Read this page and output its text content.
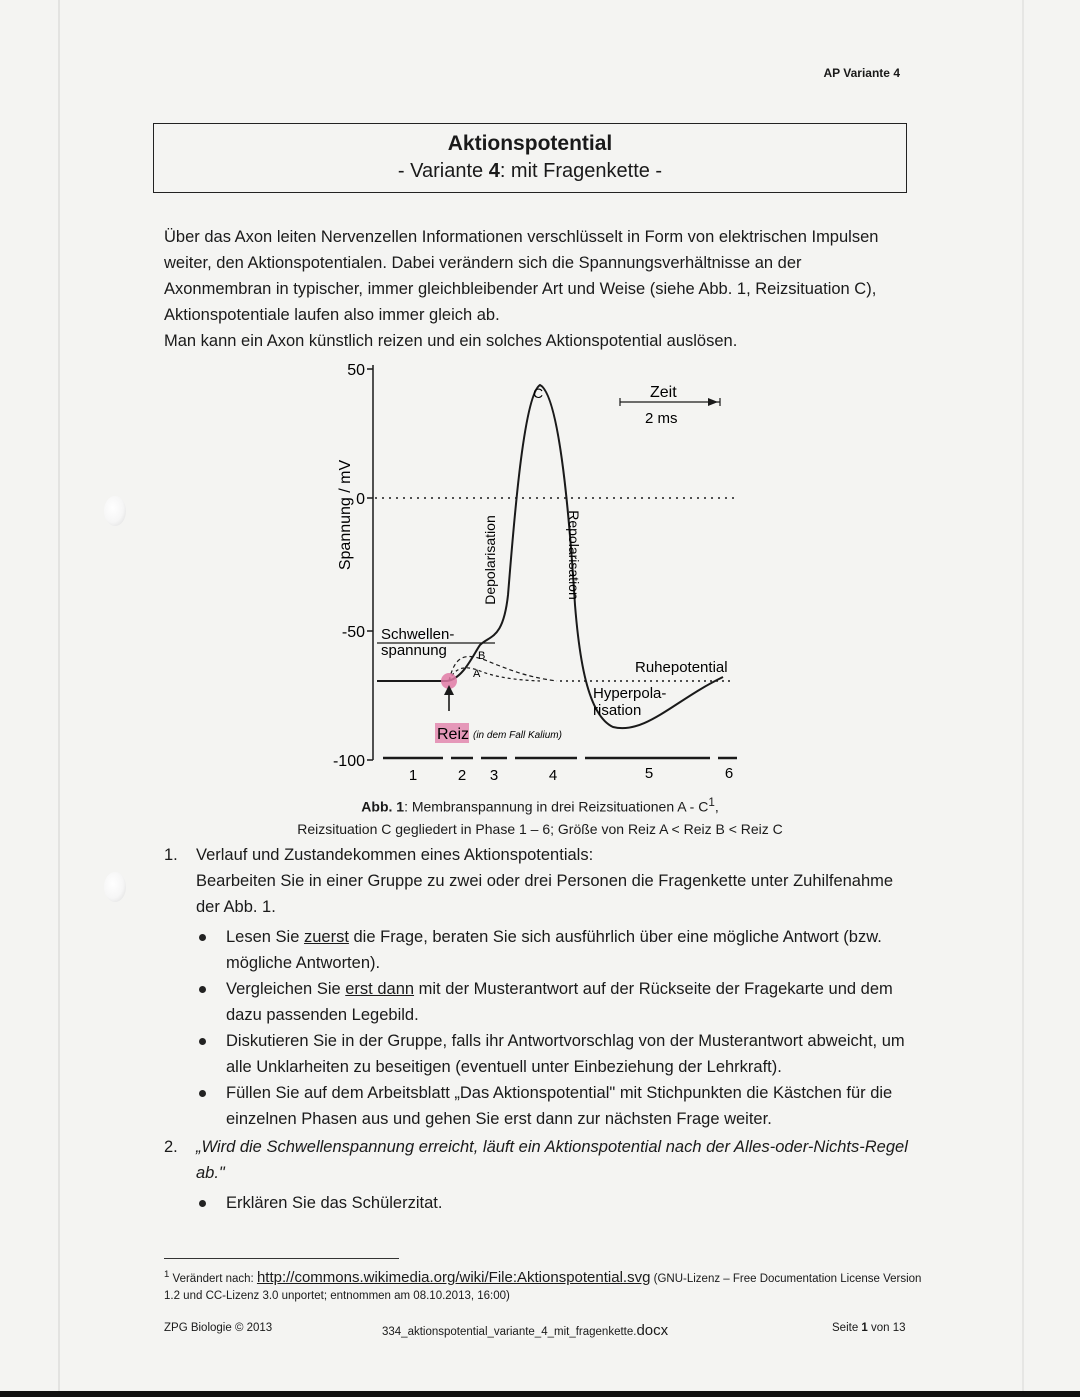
AP Variante 4
Aktionspotential
- Variante 4: mit Fragenkette -

Über das Axon leiten Nervenzellen Informationen verschlüsselt in Form von elektrischen Impulsen weiter, den Aktionspotentialen. Dabei verändern sich die Spannungsverhältnisse an der Axonmembran in typischer, immer gleichbleibender Art und Weise (siehe Abb. 1, Reizsituation C), Aktionspotentiale laufen also immer gleich ab.

Man kann ein Axon künstlich reizen und ein solches Aktionspotential auslösen.

50
0
-50
-100
Spannung / mV
Reiz (in dem Fall Kalium)
C	Zeit
2 ms
Depolarisation	Repolarisation
Schwellen-
spannung	B
A	Ruhepotential
Hyperpola-
risation
1	2 3	4	5	6
Abb. 1: Membranspannung in drei Reizsituationen A - $C^1$,
Reizsituation C gegliedert in Phase 1 – 6; Größe von Reiz A < Reiz B < Reiz C
1. Verlauf und Zustandekommen eines Aktionspotentials:
Bearbeiten Sie in einer Gruppe zu zwei oder drei Personen die Fragenkette unter Zuhilfenahme der Abb. 1.
Lesen Sie zuerst die Frage, beraten Sie sich ausführlich über eine mögliche Antwort (bzw. mögliche Antworten).
Vergleichen Sie erst dann mit der Musterantwort auf der Rückseite der Fragekarte und dem dazu passenden Legebild.
Diskutieren Sie in der Gruppe, falls ihr Antwortvorschlag von der Musterantwort abweicht, um alle Unklarheiten zu beseitigen (eventuell unter Einbeziehung der Lehrkraft).
Füllen Sie auf dem Arbeitsblatt „Das Aktionspotential" mit Stichpunkten die Kästchen für die einzelnen Phasen aus und gehen Sie erst dann zur nächsten Frage weiter.
2. „Wird die Schwellenspannung erreicht, läuft ein Aktionspotential nach der Alles-oder-Nichts-Regel ab."
Erklären Sie das Schülerzitat.
$^1$ Verändert nach: http://commons.wikimedia.org/wiki/File:Aktionspotential.svg (GNU-Lizenz – Free Documentation License Version 1.2 und CC-Lizenz 3.0 unportet; entnommen am 08.10.2013, 16:00)
ZPG Biologie © 2013	334_aktionspotential_variante_4_mit_fragenkette.docx	Seite 1 von 13
